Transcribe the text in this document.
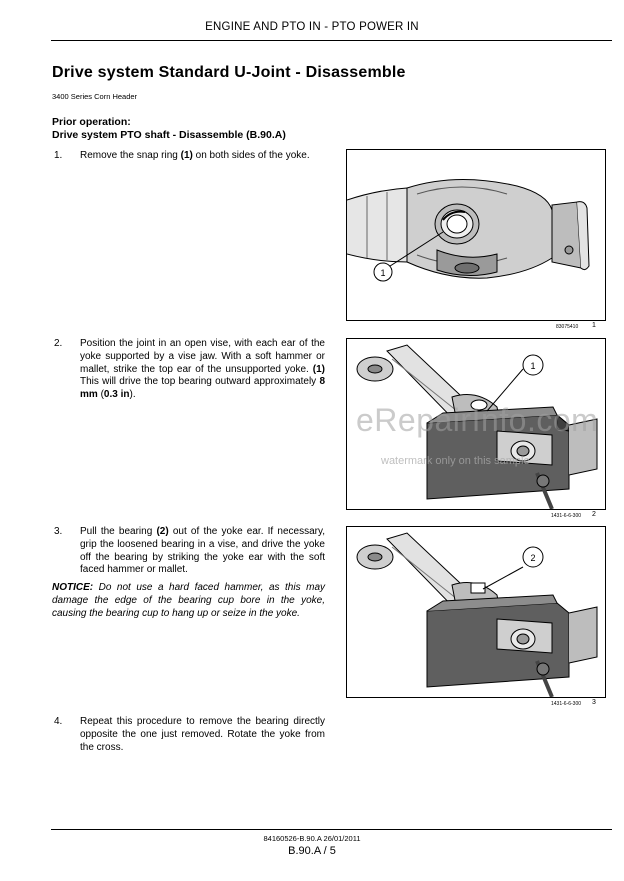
ENGINE AND PTO IN - PTO POWER IN
Drive system Standard U-Joint - Disassemble
3400 Series Corn Header
Prior operation:
Drive system PTO shaft - Disassemble (B.90.A)
1. Remove the snap ring (1) on both sides of the yoke.
1
83075410 1
2. Position the joint in an open vise, with each ear of the yoke supported by a vise jaw. With a soft hammer or mallet, strike the top ear of the unsupported yoke. (1) This will drive the top bearing outward approximately 8 mm (0.3 in).
1
eRepairInfo.com
watermark only on this sample
1431-6-6-300 2
3. Pull the bearing (2) out of the yoke ear. If necessary, grip the loosened bearing in a vise, and drive the yoke off the bearing by striking the yoke ear with the soft faced hammer or mallet.
NOTICE: Do not use a hard faced hammer, as this may damage the edge of the bearing cup bore in the yoke, causing the bearing cup to hang up or seize in the yoke.
2
1431-6-6-300 3
4. Repeat this procedure to remove the bearing directly opposite the one just removed. Rotate the yoke from the cross.
84160526-B.90.A 26/01/2011
B.90.A / 5
